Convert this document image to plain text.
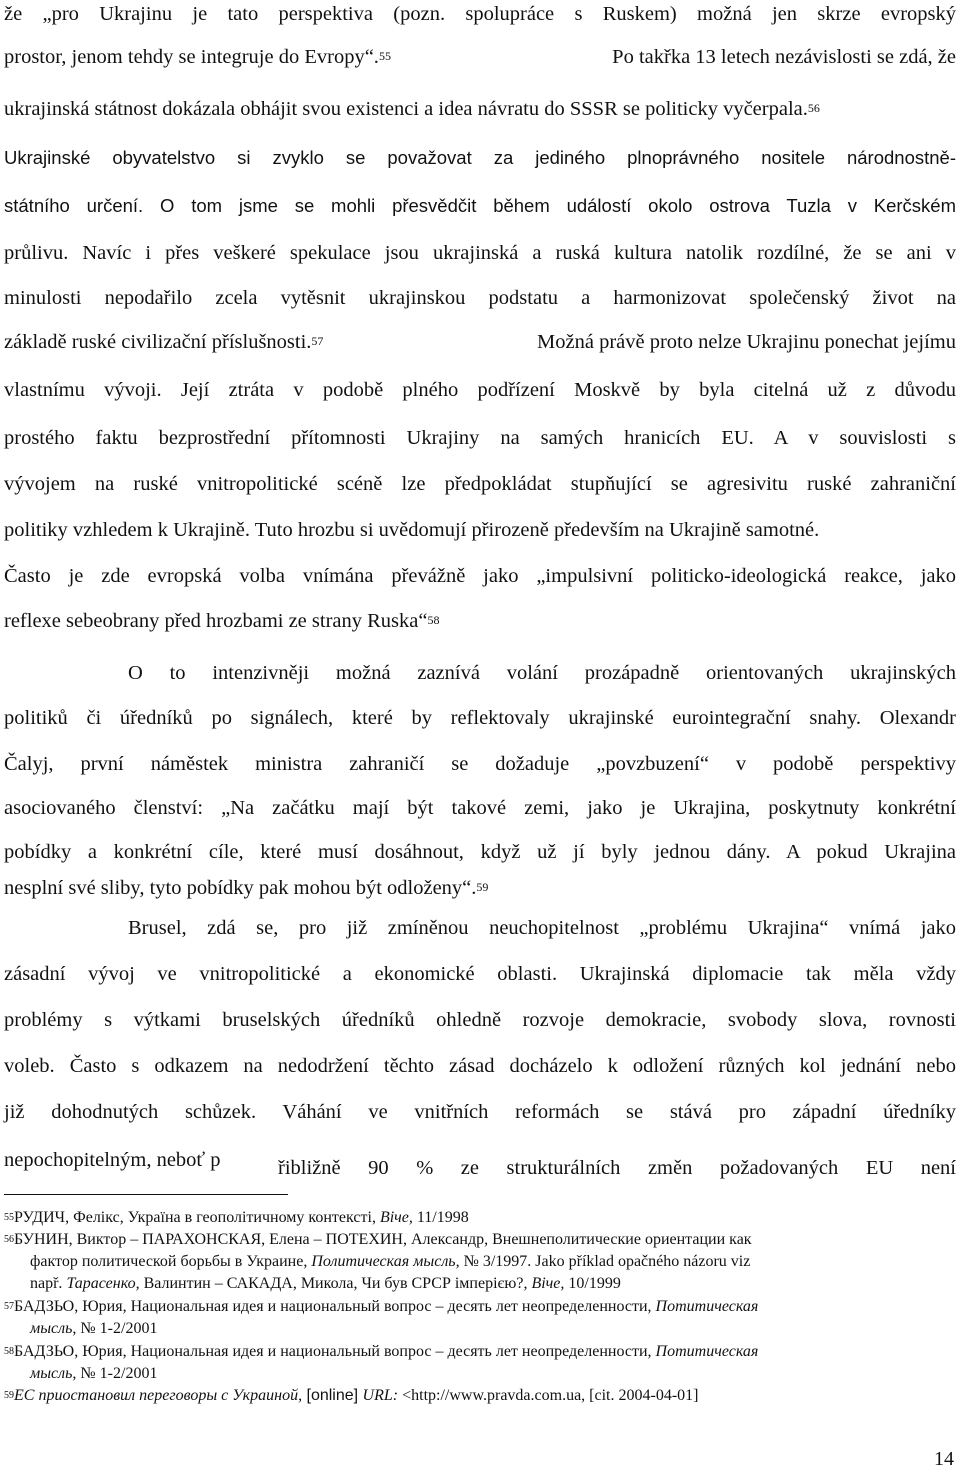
že „pro Ukrajinu je tato perspektiva (pozn. spolupráce s Ruskem) možná jen skrze evropský
prostor, jenom tehdy se integruje do Evropy“.$^{55}$	Po takřka 13 letech nezávislosti se zdá, že
ukrajinská státnost dokázala obhájit svou existenci a idea návratu do SSSR se politicky vyčerpala.$^{56}$
Ukrajinské obyvatelstvo si zvyklo se považovat za jediného plnoprávného nositele národnostně-
státního určení. O tom jsme se mohli přesvědčit během událostí okolo ostrova Tuzla v Kerčském
průlivu. Navíc i přes veškeré spekulace jsou ukrajinská a ruská kultura natolik rozdílné, že se ani v
minulosti nepodařilo zcela vytěsnit ukrajinskou podstatu a harmonizovat společenský život na
základě ruské civilizační příslušnosti.$^{57}$	Možná právě proto nelze Ukrajinu ponechat jejímu
vlastnímu vývoji. Její ztráta v podobě plného podřízení Moskvě by byla citelná už z důvodu
prostého faktu bezprostřední přítomnosti Ukrajiny na samých hranicích EU. A v souvislosti s
vývojem na ruské vnitropolitické scéně lze předpokládat stupňující se agresivitu ruské zahraniční
politiky vzhledem k Ukrajině. Tuto hrozbu si uvědomují přirozeně především na Ukrajině samotné.
Často je zde evropská volba vnímána převážně jako „impulsivní politicko-ideologická reakce, jako
reflexe sebeobrany před hrozbami ze strany Ruska“$^{58}$
O to intenzivněji možná zaznívá volání prozápadně orientovaných ukrajinských
politiků či úředníků po signálech, které by reflektovaly ukrajinské eurointegrační snahy. Olexandr
Čalyj, první náměstek ministra zahraničí se dožaduje „povzbuzení“ v podobě perspektivy
asociovaného členství: „Na začátku mají být takové zemi, jako je Ukrajina, poskytnuty konkrétní
pobídky a konkrétní cíle, které musí dosáhnout, když už jí byly jednou dány. A pokud Ukrajina
nesplní své sliby, tyto pobídky pak mohou být odloženy“.$^{59}$
Brusel, zdá se, pro již zmíněnou neuchopitelnost „problému Ukrajina“ vnímá jako
zásadní vývoj ve vnitropolitické a ekonomické oblasti. Ukrajinská diplomacie tak měla vždy
problémy s výtkami bruselských úředníků ohledně rozvoje demokracie, svobody slova, rovnosti
voleb. Často s odkazem na nedodržení těchto zásad docházelo k odložení různých kol jednání nebo
již dohodnutých schůzek. Váhání ve vnitřních reformách se stává pro západní úředníky
nepochopitelným, neboť p	řibližně 90 % ze strukturálních změn požadovaných EU není
$^{55}$РУДИЧ, Фелікс, Україна в геополітичному контексті, Віче, 11/1998
$^{56}$БУНИН, Виктор – ПАРАХОНСКАЯ, Елена – ПОТЕХИН, Александр, Внешнеполитические ориентации как
фактор политической борьбы в Украине, Политическая мысль, № 3/1997. Jako příklad opačného názoru viz
např. Тарасенко, Валинтин – САКАДА, Микола, Чи був СРСР імперією?, Віче, 10/1999
$^{57}$БАДЗЬО, Юрия, Национальная идея и национальный вопрос – десять лет неопределенности, Потитическая
мысль, № 1-2/2001
$^{58}$БАДЗЬО, Юрия, Национальная идея и национальный вопрос – десять лет неопределенности, Потитическая
мысль, № 1-2/2001
$^{59}$ЕС приостановил переговоры с Украиной, [online] URL: <http://www.pravda.com.ua, [cit. 2004-04-01]
14
